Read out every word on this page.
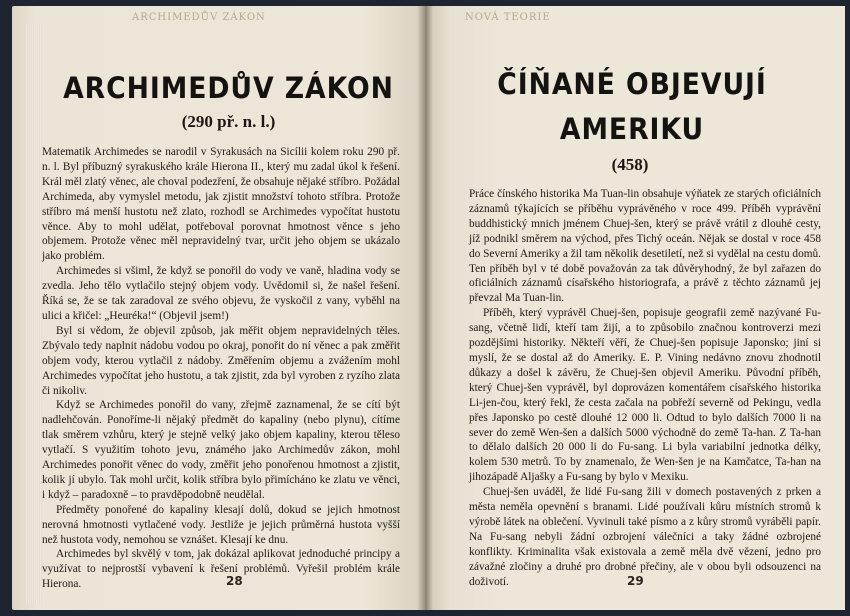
ARCHIMEDŮV ZÁKON
ARCHIMEDŮV ZÁKON
(290 př. n. l.)

Matematik Archimedes se narodil v Syrakusách na Sicílii kolem roku 290 př. n. l. Byl příbuzný syrakuského krále Hierona II., který mu zadal úkol k řešení. Král měl zlatý věnec, ale choval podezření, že obsahuje nějaké stříbro. Požádal Archimeda, aby vymyslel metodu, jak zjistit množství tohoto stříbra. Protože stříbro má menší hustotu než zlato, rozhodl se Archimedes vypočítat hustotu věnce. Aby to mohl udělat, potřeboval porovnat hmotnost věnce s jeho objemem. Protože věnec měl nepravidelný tvar, určit jeho objem se ukázalo jako problém.

Archimedes si všiml, že když se ponořil do vody ve vaně, hladina vody se zvedla. Jeho tělo vytlačilo stejný objem vody. Uvědomil si, že našel řešení. Říká se, že se tak zaradoval ze svého objevu, že vyskočil z vany, vyběhl na ulici a křičel: „Heuréka!“ (Objevil jsem!)

Byl si vědom, že objevil způsob, jak měřit objem nepravidelných těles. Zbývalo tedy naplnit nádobu vodou po okraj, ponořit do ní věnec a pak změřit objem vody, kterou vytlačil z nádoby. Změřením objemu a zvážením mohl Archimedes vypočítat jeho hustotu, a tak zjistit, zda byl vyroben z ryzího zlata či nikoliv.

Když se Archimedes ponořil do vany, zřejmě zaznamenal, že se cítí být nadlehčován. Ponoříme-li nějaký předmět do kapaliny (nebo plynu), cítíme tlak směrem vzhůru, který je stejně velký jako objem kapaliny, kterou těleso vytlačí. S využitím tohoto jevu, známého jako Archimedův zákon, mohl Archimedes ponořit věnec do vody, změřit jeho ponořenou hmotnost a zjistit, kolik jí ubylo. Tak mohl určit, kolik stříbra bylo přimícháno ke zlatu ve věnci, i když – paradoxně – to pravděpodobně neudělal.

Předměty ponořené do kapaliny klesají dolů, dokud se jejich hmotnost nerovná hmotnosti vytlačené vody. Jestliže je jejich průměrná hustota vyšší než hustota vody, nemohou se vznášet. Klesají ke dnu.

Archimedes byl skvělý v tom, jak dokázal aplikovat jednoduché principy a využívat to nejprostší vybavení k řešení problémů. Vyřešil problém krále Hierona.	28
NOVÁ TEORIE
ČÍŇANÉ OBJEVUJÍ
AMERIKU
(458)

Práce čínského historika Ma Tuan-lin obsahuje výňatek ze starých oficiálních záznamů týkajících se příběhu vyprávěného v roce 499. Příběh vyprávění buddhistický mnich jménem Chuej-šen, který se právě vrátil z dlouhé cesty, jíž podnikl směrem na východ, přes Tichý oceán. Nějak se dostal v roce 458 do Severní Ameriky a žil tam několik desetiletí, než si vydělal na cestu domů. Ten příběh byl v té době považován za tak důvěryhodný, že byl zařazen do oficiálních záznamů císařského historiografa, a právě z těchto záznamů jej převzal Ma Tuan-lin.

Příběh, který vyprávěl Chuej-šen, popisuje geografii země nazývané Fu-sang, včetně lidí, kteří tam žijí, a to způsobilo značnou kontroverzi mezi pozdějšími historiky. Někteří věří, že Chuej-šen popisuje Japonsko; jiní si myslí, že se dostal až do Ameriky. E. P. Vining nedávno znovu zhodnotil důkazy a došel k závěru, že Chuej-šen objevil Ameriku. Původní příběh, který Chuej-šen vyprávěl, byl doprovázen komentářem císařského historika Li-jen-čou, který řekl, že cesta začala na pobřeží severně od Pekingu, vedla přes Japonsko po cestě dlouhé 12 000 li. Odtud to bylo dalších 7000 li na sever do země Wen-šen a dalších 5000 východně do země Ta-han. Z Ta-han to dělalo dalších 20 000 li do Fu-sang. Li byla variabilní jednotka délky, kolem 530 metrů. To by znamenalo, že Wen-šen je na Kamčatce, Ta-han na jihozápadě Aljašky a Fu-sang by bylo v Mexiku.

Chuej-šen uváděl, že lidé Fu-sang žili v domech postavených z prken a města neměla opevnění s branami. Lidé používali kůru místních stromů k výrobě látek na oblečení. Vyvinuli také písmo a z kůry stromů vyráběli papír. Na Fu-sang nebyli žádní ozbrojení válečníci a taky žádné ozbrojené konflikty. Kriminalita však existovala a země měla dvě vězení, jedno pro závažné zločiny a druhé pro drobné přečiny, ale v obou byli odsouzenci na doživotí.	29
